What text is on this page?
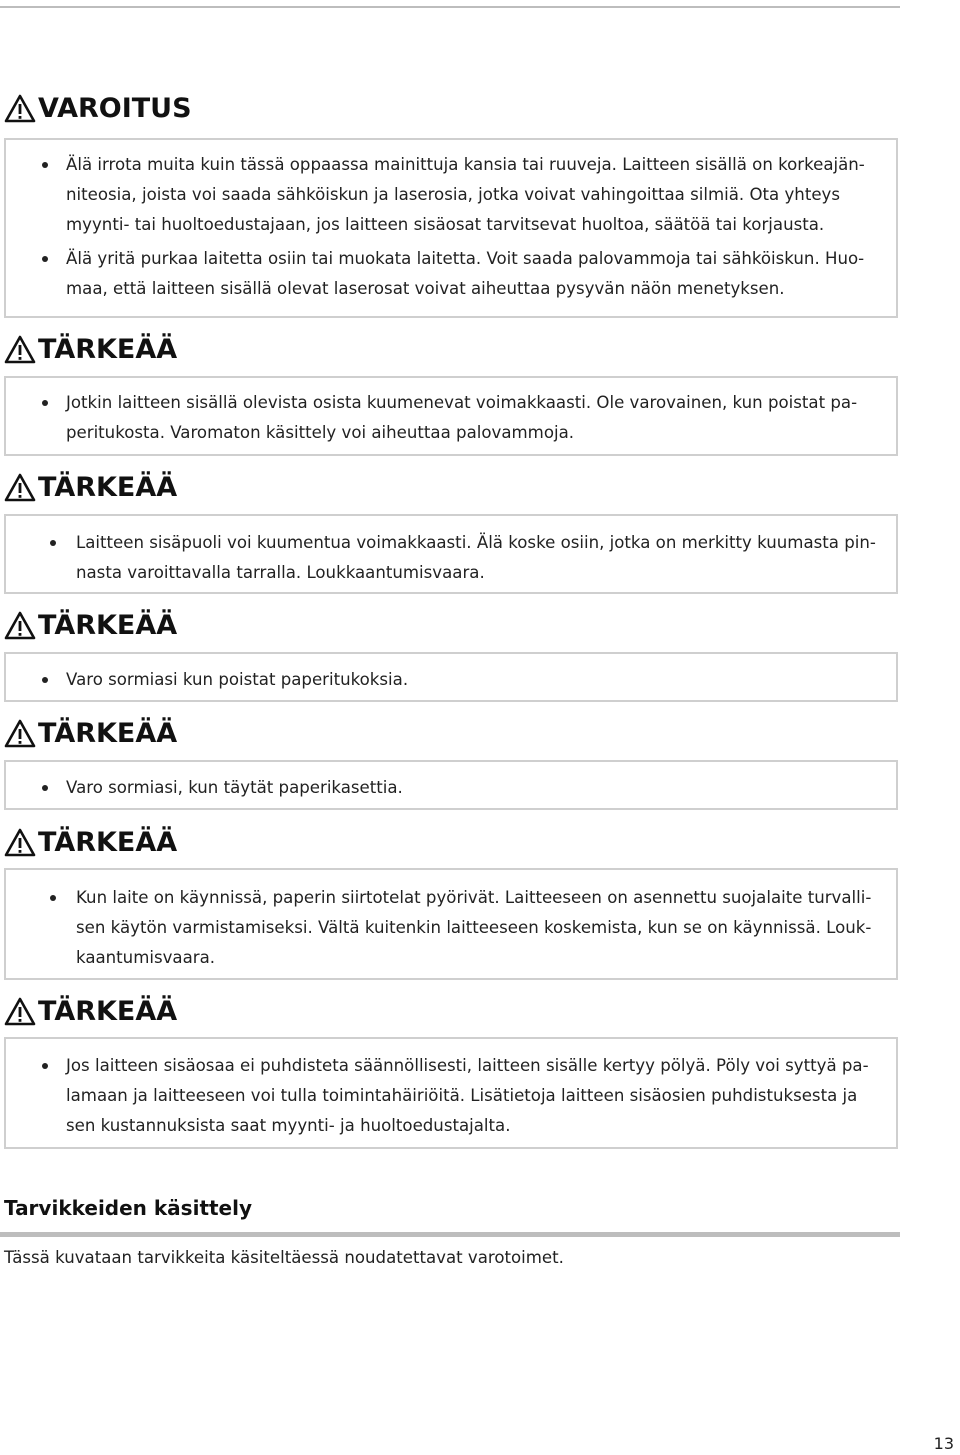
VAROITUS
Älä irrota muita kuin tässä oppaassa mainittuja kansia tai ruuveja. Laitteen sisällä on korkeajänniteosia, joista voi saada sähköiskun ja laserosia, jotka voivat vahingoittaa silmiä. Ota yhteys myynti- tai huoltoedustajaan, jos laitteen sisäosat tarvitsevat huoltoa, säätöä tai korjausta.
Älä yritä purkaa laitetta osiin tai muokata laitetta. Voit saada palovammoja tai sähköiskun. Huomaa, että laitteen sisällä olevat laserosat voivat aiheuttaa pysyvän näön menetyksen.
TÄRKEÄÄ
Jotkin laitteen sisällä olevista osista kuumenevat voimakkaasti. Ole varovainen, kun poistat paperitukosta. Varomaton käsittely voi aiheuttaa palovammoja.
TÄRKEÄÄ
Laitteen sisäpuoli voi kuumentua voimakkaasti. Älä koske osiin, jotka on merkitty kuumasta pinnasta varoittavalla tarralla. Loukkaantumisvaara.
TÄRKEÄÄ
Varo sormiasi kun poistat paperitukoksia.
TÄRKEÄÄ
Varo sormiasi, kun täytät paperikasettia.
TÄRKEÄÄ
Kun laite on käynnissä, paperin siirtotelat pyörivät. Laitteeseen on asennettu suojalaite turvallisen käytön varmistamiseksi. Vältä kuitenkin laitteeseen koskemista, kun se on käynnissä. Loukkaantumisvaara.
TÄRKEÄÄ
Jos laitteen sisäosaa ei puhdisteta säännöllisesti, laitteen sisälle kertyy pölyä. Pöly voi syttyä palamaan ja laitteeseen voi tulla toimintahäiriöitä. Lisätietoja laitteen sisäosien puhdistuksesta ja sen kustannuksista saat myynti- ja huoltoedustajalta.
Tarvikkeiden käsittely
Tässä kuvataan tarvikkeita käsiteltäessä noudatettavat varotoimet.
13
